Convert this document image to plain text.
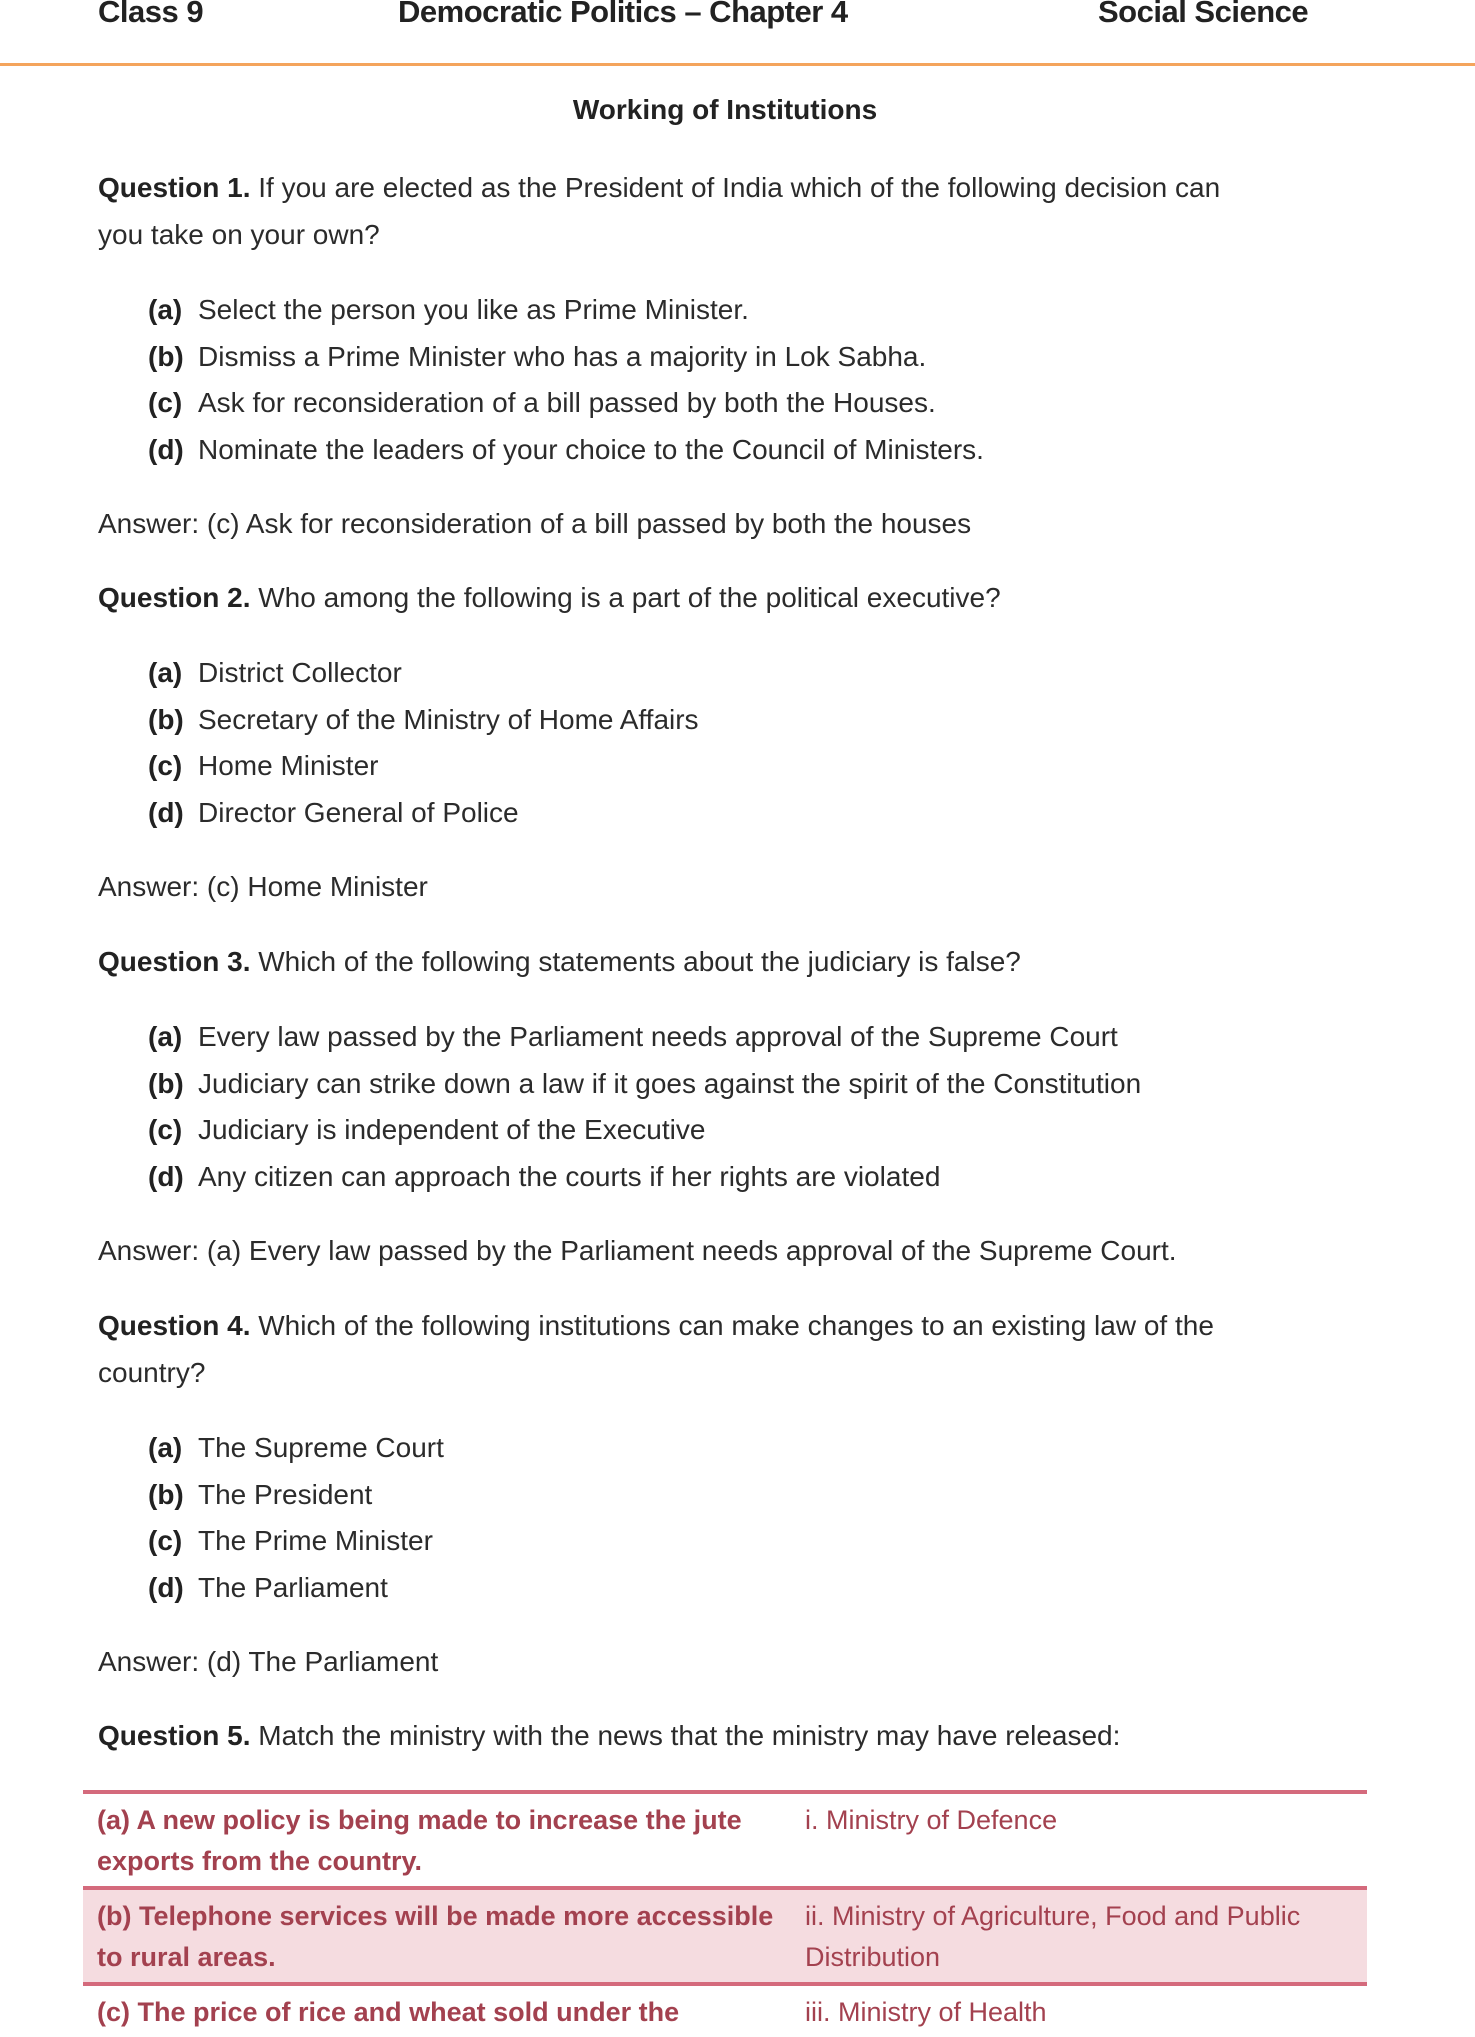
Class 9	Democratic Politics – Chapter 4	Social Science
Working of Institutions
Question 1. If you are elected as the President of India which of the following decision can
you take on your own?
(a) Select the person you like as Prime Minister.
(b) Dismiss a Prime Minister who has a majority in Lok Sabha.
(c) Ask for reconsideration of a bill passed by both the Houses.
(d) Nominate the leaders of your choice to the Council of Ministers.
Answer: (c) Ask for reconsideration of a bill passed by both the houses
Question 2. Who among the following is a part of the political executive?
(a) District Collector
(b) Secretary of the Ministry of Home Affairs
(c) Home Minister
(d) Director General of Police
Answer: (c) Home Minister
Question 3. Which of the following statements about the judiciary is false?
(a) Every law passed by the Parliament needs approval of the Supreme Court
(b) Judiciary can strike down a law if it goes against the spirit of the Constitution
(c) Judiciary is independent of the Executive
(d) Any citizen can approach the courts if her rights are violated
Answer: (a) Every law passed by the Parliament needs approval of the Supreme Court.
Question 4. Which of the following institutions can make changes to an existing law of the
country?
(a) The Supreme Court
(b) The President
(c) The Prime Minister
(d) The Parliament
Answer: (d) The Parliament
Question 5. Match the ministry with the news that the ministry may have released:
(a) A new policy is being made to increase the jute exports from the country.	i. Ministry of Defence
(b) Telephone services will be made more accessible to rural areas.	ii. Ministry of Agriculture, Food and Public Distribution
(c) The price of rice and wheat sold under the	iii. Ministry of Health
